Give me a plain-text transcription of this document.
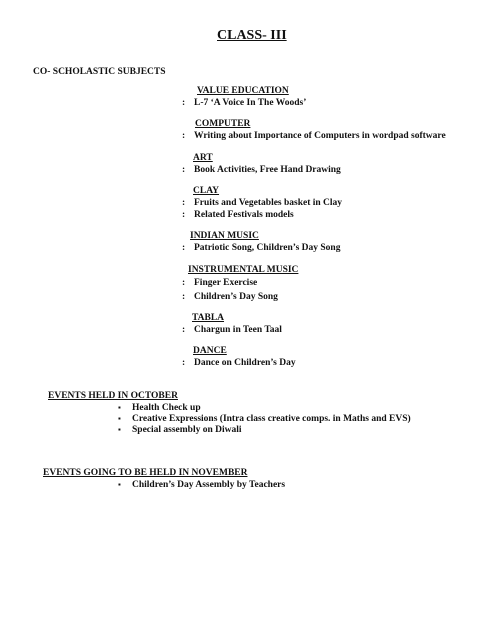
CLASS- III
CO- SCHOLASTIC SUBJECTS
VALUE EDUCATION
: L-7 ‘A Voice In The Woods’
COMPUTER
: Writing about Importance of Computers in wordpad software
ART
: Book Activities, Free Hand Drawing
CLAY
: Fruits and Vegetables basket in Clay
: Related Festivals models
INDIAN MUSIC
: Patriotic Song, Children’s Day Song
INSTRUMENTAL MUSIC
: Finger Exercise
: Children’s Day Song
TABLA
: Chargun in Teen Taal
DANCE
: Dance on Children’s Day
EVENTS HELD IN OCTOBER
▪ Health Check up
▪ Creative Expressions (Intra class creative comps. in Maths and EVS)
▪ Special assembly on Diwali
EVENTS GOING TO BE HELD IN NOVEMBER
▪ Children’s Day Assembly by Teachers
